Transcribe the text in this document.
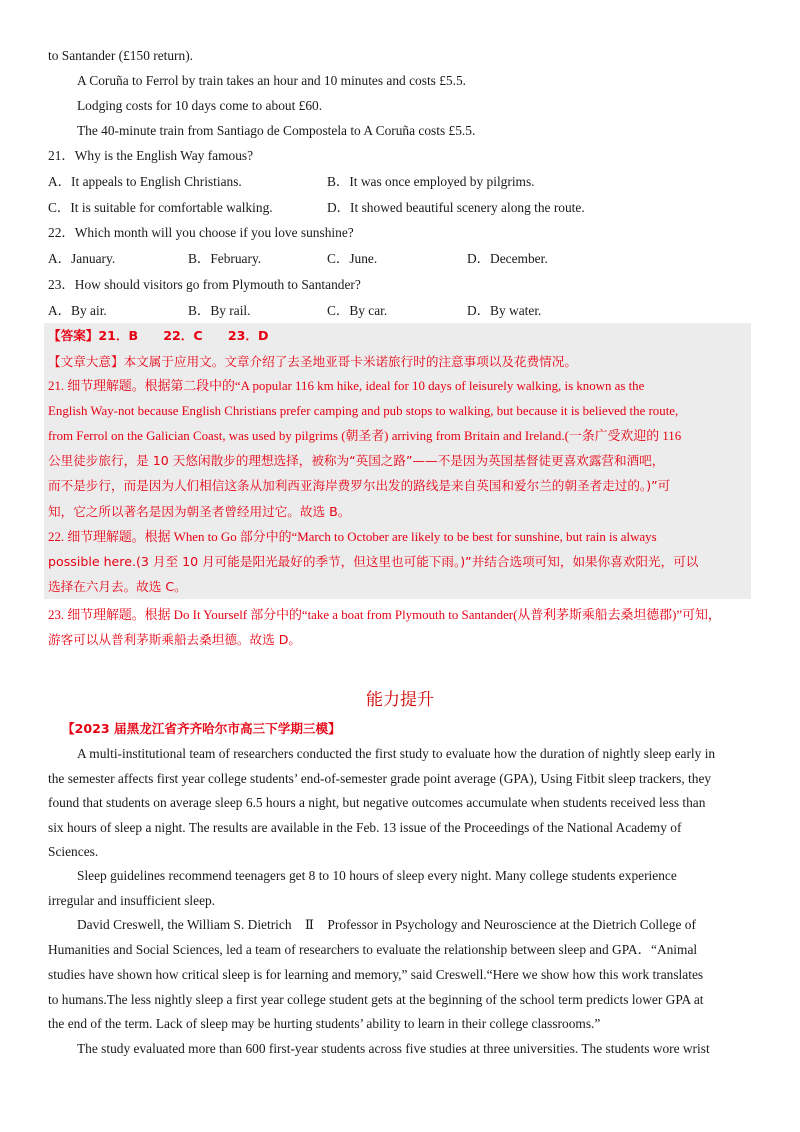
to Santander (£150 return).
A Coruña to Ferrol by train takes an hour and 10 minutes and costs £5.5.
Lodging costs for 10 days come to about £60.
The 40-minute train from Santiago de Compostela to A Coruña costs £5.5.
21．Why is the English Way famous?
A．It appeals to English Christians.	B．It was once employed by pilgrims.
C．It is suitable for comfortable walking.	D．It showed beautiful scenery along the route.
22．Which month will you choose if you love sunshine?
A．January.	B．February.	C．June.	D．December.
23．How should visitors go from Plymouth to Santander?
A．By air.	B．By rail.	C．By car.	D．By water.
【答案】21．B　　22．C　　23．D
【文章大意】本文属于应用文。文章介绍了去圣地亚哥卡米诺旅行时的注意事项以及花费情况。
21. 细节理解题。根据第二段中的“A popular 116 km hike, ideal for 10 days of leisurely walking, is known as the
English Way-not because English Christians prefer camping and pub stops to walking, but because it is believed the route,
from Ferrol on the Galician Coast, was used by pilgrims (朝圣者) arriving from Britain and Ireland.(一条广受欢迎的 116
公里徒步旅行，是 10 天悠闲散步的理想选择，被称为“英国之路”——不是因为英国基督徒更喜欢露营和酒吧，
而不是步行，而是因为人们相信这条从加利西亚海岸费罗尔出发的路线是来自英国和爱尔兰的朝圣者走过的。)”可
知，它之所以著名是因为朝圣者曾经用过它。故选 B。
22. 细节理解题。根据 When to Go 部分中的“March to October are likely to be best for sunshine, but rain is always
possible here.(3 月至 10 月可能是阳光最好的季节，但这里也可能下雨。)”并结合选项可知，如果你喜欢阳光，可以
选择在六月去。故选 C。
23. 细节理解题。根据 Do It Yourself 部分中的“take a boat from Plymouth to Santander(从普利茅斯乘船去桑坦德郡)”可知，
游客可以从普利茅斯乘船去桑坦德。故选 D。
能力提升
【2023 届黑龙江省齐齐哈尔市高三下学期三模】
A multi-institutional team of researchers conducted the first study to evaluate how the duration of nightly sleep early in
the semester affects first year college students’ end-of-semester grade point average (GPA), Using Fitbit sleep trackers, they
found that students on average sleep 6.5 hours a night, but negative outcomes accumulate when students received less than
six hours of sleep a night. The results are available in the Feb. 13 issue of the Proceedings of the National Academy of
Sciences.
Sleep guidelines recommend teenagers get 8 to 10 hours of sleep every night. Many college students experience
irregular and insufficient sleep.
David Creswell, the William S. Dietrich　Ⅱ　Professor in Psychology and Neuroscience at the Dietrich College of
Humanities and Social Sciences, led a team of researchers to evaluate the relationship between sleep and GPA．“Animal
studies have shown how critical sleep is for learning and memory,” said Creswell.“Here we show how this work translates
to humans.The less nightly sleep a first year college student gets at the beginning of the school term predicts lower GPA at
the end of the term. Lack of sleep may be hurting students’ ability to learn in their college classrooms.”
The study evaluated more than 600 first-year students across five studies at three universities. The students wore wrist
